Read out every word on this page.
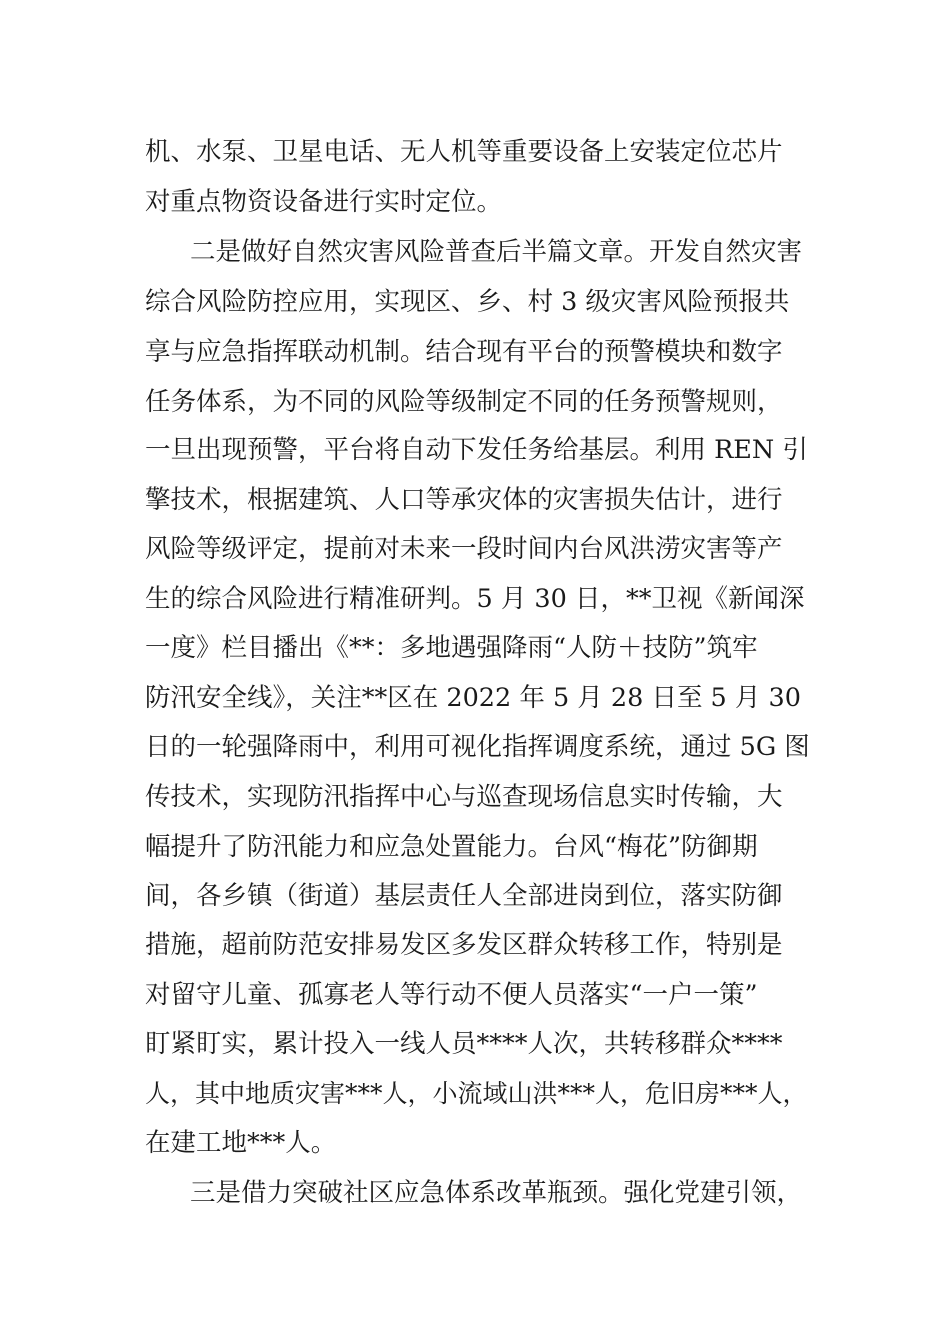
机、水泵、卫星电话、无人机等重要设备上安装定位芯片
对重点物资设备进行实时定位。
二是做好自然灾害风险普查后半篇文章。开发自然灾害
综合风险防控应用，实现区、乡、村 3 级灾害风险预报共
享与应急指挥联动机制。结合现有平台的预警模块和数字
任务体系，为不同的风险等级制定不同的任务预警规则，
一旦出现预警，平台将自动下发任务给基层。利用 REN 引
擎技术，根据建筑、人口等承灾体的灾害损失估计，进行
风险等级评定，提前对未来一段时间内台风洪涝灾害等产
生的综合风险进行精准研判。5 月 30 日，**卫视《新闻深
一度》栏目播出《**：多地遇强降雨“人防＋技防”筑牢
防汛安全线》，关注**区在 2022 年 5 月 28 日至 5 月 30
日的一轮强降雨中，利用可视化指挥调度系统，通过 5G 图
传技术，实现防汛指挥中心与巡查现场信息实时传输，大
幅提升了防汛能力和应急处置能力。台风“梅花”防御期
间，各乡镇（街道）基层责任人全部进岗到位，落实防御
措施，超前防范安排易发区多发区群众转移工作，特别是
对留守儿童、孤寡老人等行动不便人员落实“一户一策”
盯紧盯实，累计投入一线人员****人次，共转移群众****
人，其中地质灾害***人，小流域山洪***人，危旧房***人，
在建工地***人。
三是借力突破社区应急体系改革瓶颈。强化党建引领，
